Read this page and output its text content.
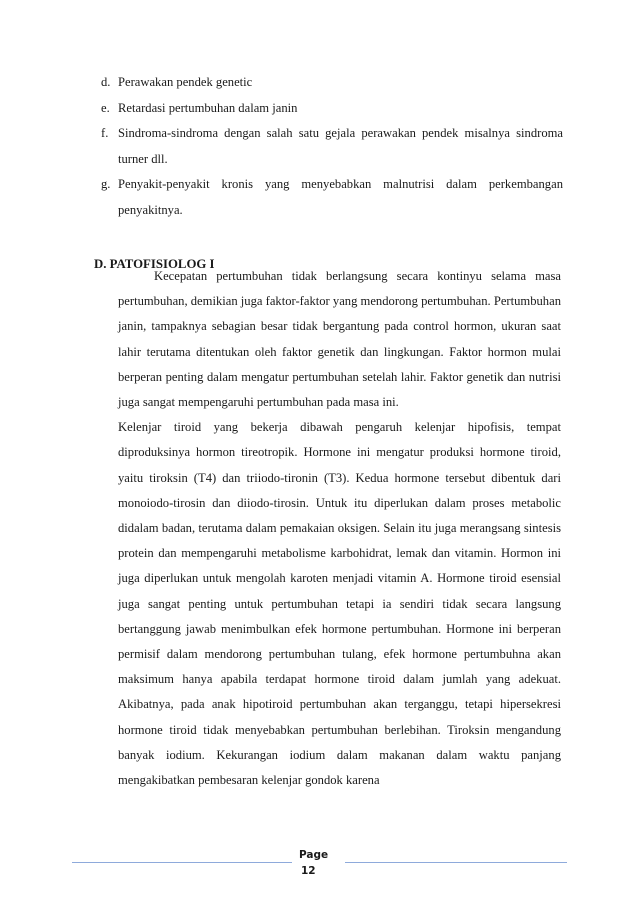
d. Perawakan pendek genetic
e. Retardasi pertumbuhan dalam janin
f. Sindroma-sindroma dengan salah satu gejala perawakan pendek misalnya sindroma turner dll.
g. Penyakit-penyakit kronis yang menyebabkan malnutrisi dalam perkembangan penyakitnya.
D. PATOFISIOLOG I

Kecepatan pertumbuhan tidak berlangsung secara kontinyu selama masa pertumbuhan, demikian juga faktor-faktor yang mendorong pertumbuhan. Pertumbuhan janin, tampaknya sebagian besar tidak bergantung pada control hormon, ukuran saat lahir terutama ditentukan oleh faktor genetik dan lingkungan. Faktor hormon mulai berperan penting dalam mengatur pertumbuhan setelah lahir. Faktor genetik dan nutrisi juga sangat mempengaruhi pertumbuhan pada masa ini.

Kelenjar tiroid yang bekerja dibawah pengaruh kelenjar hipofisis, tempat diproduksinya hormon tireotropik. Hormone ini mengatur produksi hormone tiroid, yaitu tiroksin (T4) dan triiodo-tironin (T3). Kedua hormone tersebut dibentuk dari monoiodo-tirosin dan diiodo-tirosin. Untuk itu diperlukan dalam proses metabolic didalam badan, terutama dalam pemakaian oksigen. Selain itu juga merangsang sintesis protein dan mempengaruhi metabolisme karbohidrat, lemak dan vitamin. Hormon ini juga diperlukan untuk mengolah karoten menjadi vitamin A. Hormone tiroid esensial juga sangat penting untuk pertumbuhan tetapi ia sendiri tidak secara langsung bertanggung jawab menimbulkan efek hormone pertumbuhan. Hormone ini berperan permisif dalam mendorong pertumbuhan tulang, efek hormone pertumbuhna akan maksimum hanya apabila terdapat hormone tiroid dalam jumlah yang adekuat. Akibatnya, pada anak hipotiroid pertumbuhan akan terganggu, tetapi hipersekresi hormone tiroid tidak menyebabkan pertumbuhan berlebihan. Tiroksin mengandung banyak iodium. Kekurangan iodium dalam makanan dalam waktu panjang mengakibatkan pembesaran kelenjar gondok karena

Page
12
